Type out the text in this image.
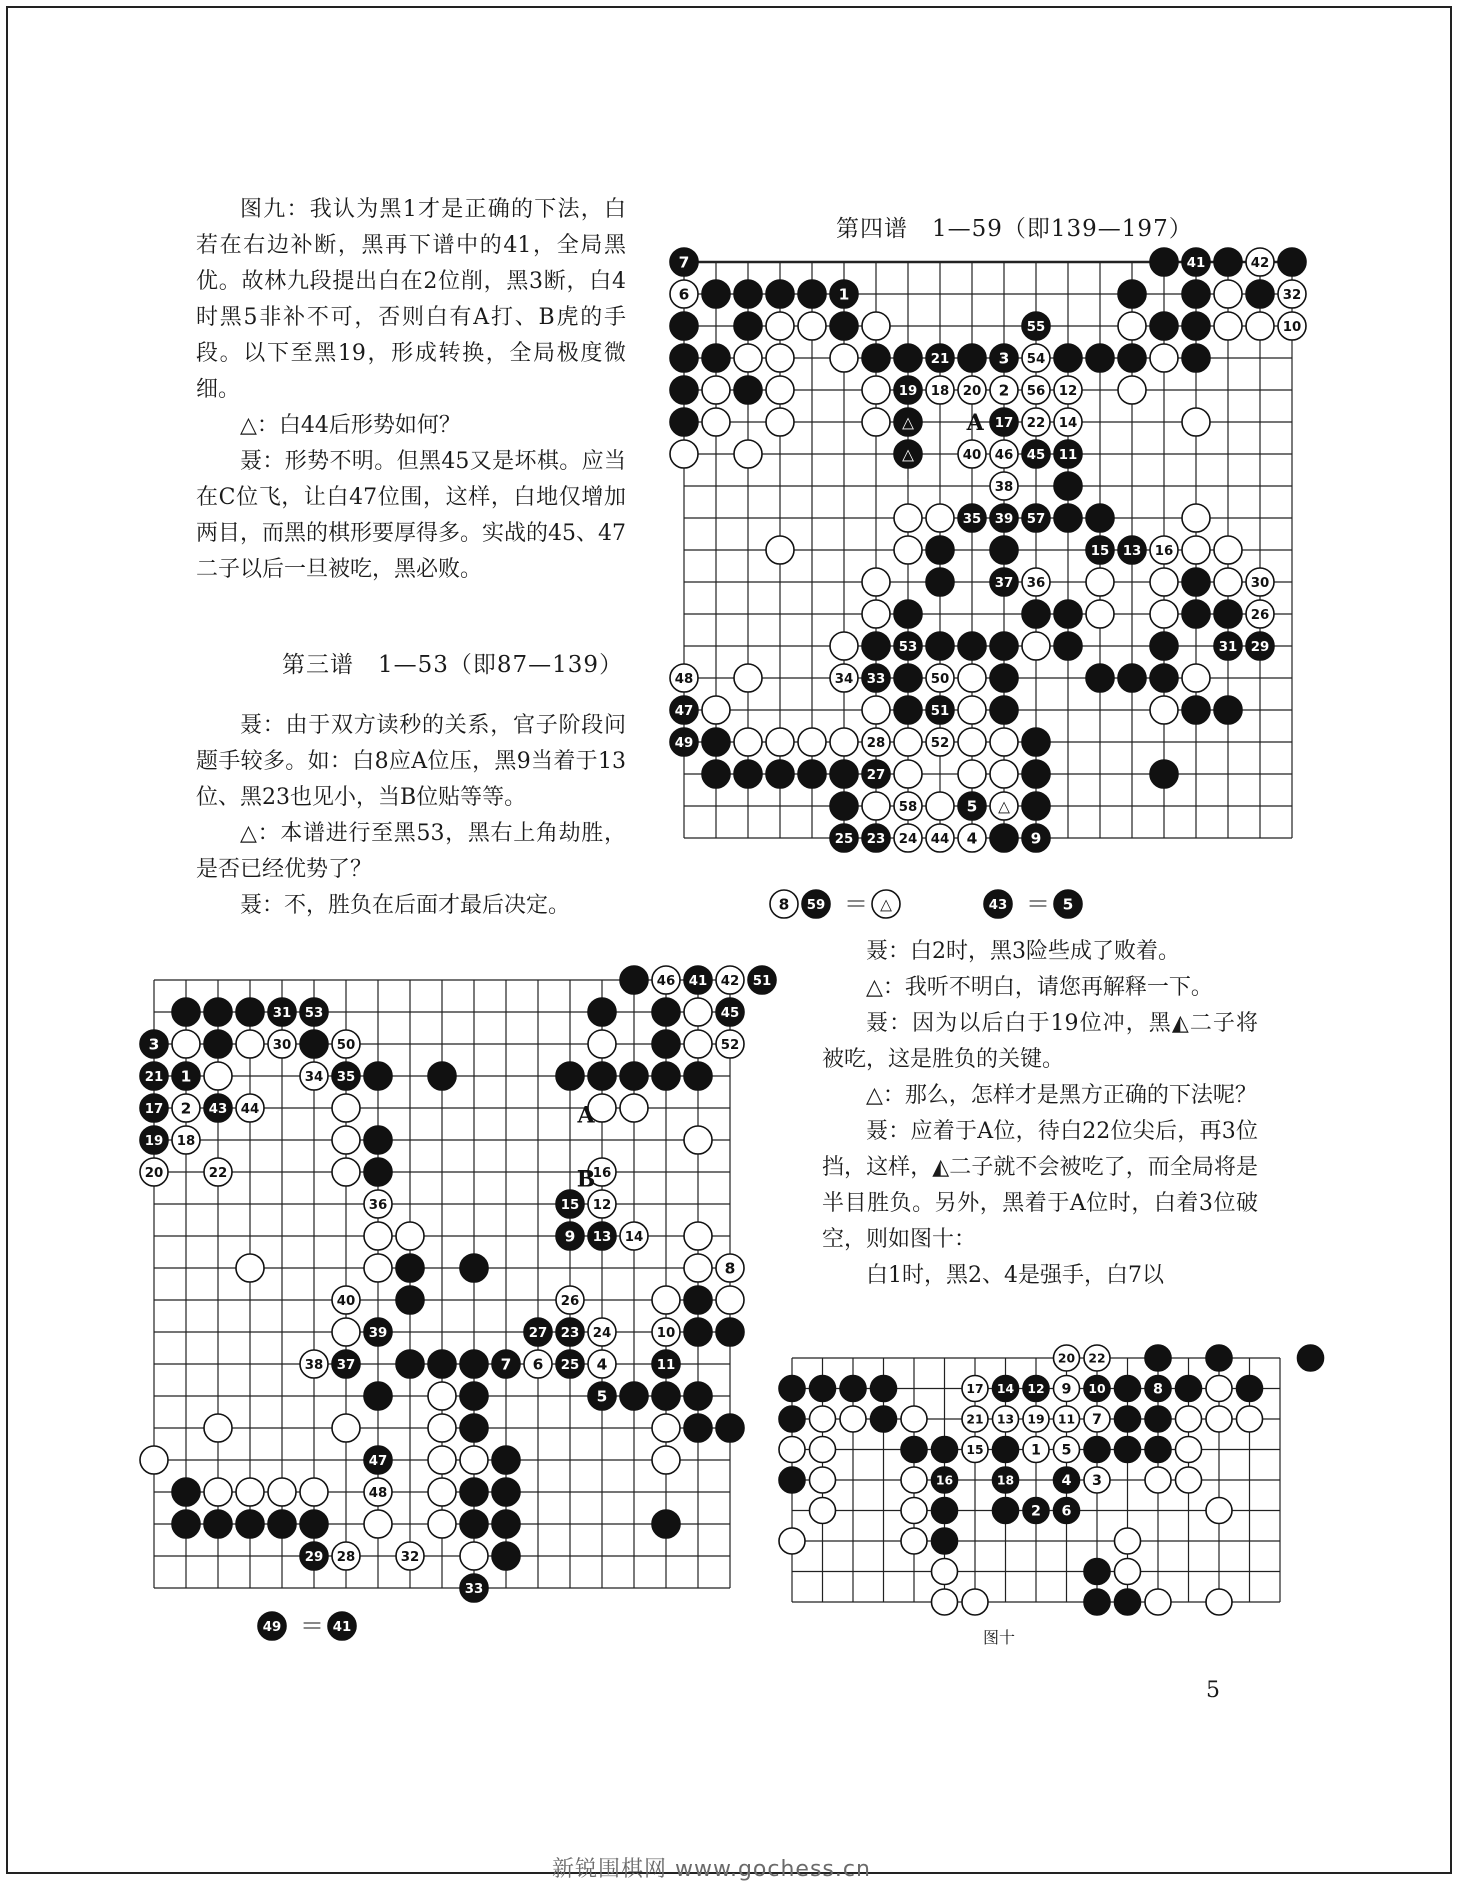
图九：我认为黑1才是正确的下法，白若在右边补断，黑再下谱中的41，全局黑优。故林九段提出白在2位削，黑3断，白4时黑5非补不可，否则白有A打、B虎的手段。以下至黑19，形成转换，全局极度微细。

△：白44后形势如何？

聂：形势不明。但黑45又是坏棋。应当在C位飞，让白47位围，这样，白地仅增加两目，而黑的棋形要厚得多。实战的45、47二子以后一旦被吃，黑必败。

第三谱　1—53（即87—139）

聂：由于双方读秒的关系，官子阶段问题手较多。如：白8应A位压，黑9当着于13位、黑23也见小，当B位贴等等。

△：本谱进行至黑53，黑右上角劫胜，是否已经优势了？

聂：不，胜负在后面才最后决定。

第四谱　1—59（即139—197）
7	41	42
6	1	32
55	10
21	3 54
19 18 20 2 56 12
△	17 22 14
△	40 46 45 11
38
35 39 57
15 13 16
37 36	30
26
53	31 29
48	34 33	50
47	51
49	28	52
27
58	5 △
25 23 24 44 4	9
A
8 59 ＝ △	43 ＝ 5

聂：白2时，黑3险些成了败着。

△：我听不明白，请您再解释一下。

聂：因为以后白于19位冲，黑◭二子将被吃，这是胜负的关键。

△：那么，怎样才是黑方正确的下法呢？

聂：应着于A位，待白22位尖后，再3位挡，这样，◭二子就不会被吃了，而全局将是半目胜负。另外，黑着于A位时，白着3位破空，则如图十：

白1时，黑2、4是强手，白7以

46 41 42 51
31 53	45
3	30	50	52
21 1	34 35
17 2 43 44
19 18
20	22	16
36	15 12
9 13 14
8
40	26
39	27 23 24	10
38 37	7 6 25 4	11
5
47
48
29 28	32
33
A
B
49 ＝ 41
20 22
17 14 12 9 10	8
21 13 19 11 7
15	1 5
16	18	4 3
2 6
图十
5
新锐围棋网 www.gochess.cn
